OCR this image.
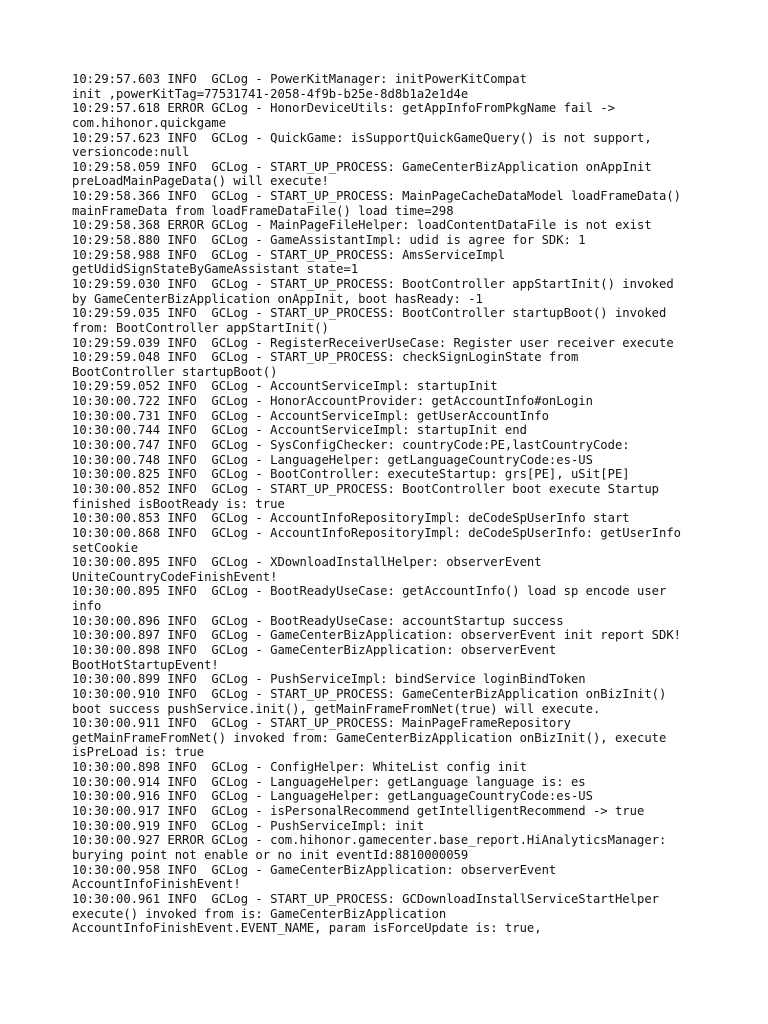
10:29:57.603 INFO  GCLog - PowerKitManager: initPowerKitCompat
init ,powerKitTag=77531741-2058-4f9b-b25e-8d8b1a2e1d4e
10:29:57.618 ERROR GCLog - HonorDeviceUtils: getAppInfoFromPkgName fail ->
com.hihonor.quickgame
10:29:57.623 INFO  GCLog - QuickGame: isSupportQuickGameQuery() is not support,
versioncode:null
10:29:58.059 INFO  GCLog - START_UP_PROCESS: GameCenterBizApplication onAppInit
preLoadMainPageData() will execute!
10:29:58.366 INFO  GCLog - START_UP_PROCESS: MainPageCacheDataModel loadFrameData()
mainFrameData from loadFrameDataFile() load time=298
10:29:58.368 ERROR GCLog - MainPageFileHelper: loadContentDataFile is not exist
10:29:58.880 INFO  GCLog - GameAssistantImpl: udid is agree for SDK: 1
10:29:58.988 INFO  GCLog - START_UP_PROCESS: AmsServiceImpl
getUdidSignStateByGameAssistant state=1
10:29:59.030 INFO  GCLog - START_UP_PROCESS: BootController appStartInit() invoked
by GameCenterBizApplication onAppInit, boot hasReady: -1
10:29:59.035 INFO  GCLog - START_UP_PROCESS: BootController startupBoot() invoked
from: BootController appStartInit()
10:29:59.039 INFO  GCLog - RegisterReceiverUseCase: Register user receiver execute
10:29:59.048 INFO  GCLog - START_UP_PROCESS: checkSignLoginState from
BootController startupBoot()
10:29:59.052 INFO  GCLog - AccountServiceImpl: startupInit
10:30:00.722 INFO  GCLog - HonorAccountProvider: getAccountInfo#onLogin
10:30:00.731 INFO  GCLog - AccountServiceImpl: getUserAccountInfo
10:30:00.744 INFO  GCLog - AccountServiceImpl: startupInit end
10:30:00.747 INFO  GCLog - SysConfigChecker: countryCode:PE,lastCountryCode:
10:30:00.748 INFO  GCLog - LanguageHelper: getLanguageCountryCode:es-US
10:30:00.825 INFO  GCLog - BootController: executeStartup: grs[PE], uSit[PE]
10:30:00.852 INFO  GCLog - START_UP_PROCESS: BootController boot execute Startup
finished isBootReady is: true
10:30:00.853 INFO  GCLog - AccountInfoRepositoryImpl: deCodeSpUserInfo start
10:30:00.868 INFO  GCLog - AccountInfoRepositoryImpl: deCodeSpUserInfo: getUserInfo
setCookie
10:30:00.895 INFO  GCLog - XDownloadInstallHelper: observerEvent
UniteCountryCodeFinishEvent!
10:30:00.895 INFO  GCLog - BootReadyUseCase: getAccountInfo() load sp encode user
info
10:30:00.896 INFO  GCLog - BootReadyUseCase: accountStartup success
10:30:00.897 INFO  GCLog - GameCenterBizApplication: observerEvent init report SDK!
10:30:00.898 INFO  GCLog - GameCenterBizApplication: observerEvent
BootHotStartupEvent!
10:30:00.899 INFO  GCLog - PushServiceImpl: bindService loginBindToken
10:30:00.910 INFO  GCLog - START_UP_PROCESS: GameCenterBizApplication onBizInit()
boot success pushService.init(), getMainFrameFromNet(true) will execute.
10:30:00.911 INFO  GCLog - START_UP_PROCESS: MainPageFrameRepository
getMainFrameFromNet() invoked from: GameCenterBizApplication onBizInit(), execute
isPreLoad is: true
10:30:00.898 INFO  GCLog - ConfigHelper: WhiteList config init
10:30:00.914 INFO  GCLog - LanguageHelper: getLanguage language is: es
10:30:00.916 INFO  GCLog - LanguageHelper: getLanguageCountryCode:es-US
10:30:00.917 INFO  GCLog - isPersonalRecommend getIntelligentRecommend -> true
10:30:00.919 INFO  GCLog - PushServiceImpl: init
10:30:00.927 ERROR GCLog - com.hihonor.gamecenter.base_report.HiAnalyticsManager:
burying point not enable or no init eventId:8810000059
10:30:00.958 INFO  GCLog - GameCenterBizApplication: observerEvent
AccountInfoFinishEvent!
10:30:00.961 INFO  GCLog - START_UP_PROCESS: GCDownloadInstallServiceStartHelper
execute() invoked from is: GameCenterBizApplication
AccountInfoFinishEvent.EVENT_NAME, param isForceUpdate is: true,
